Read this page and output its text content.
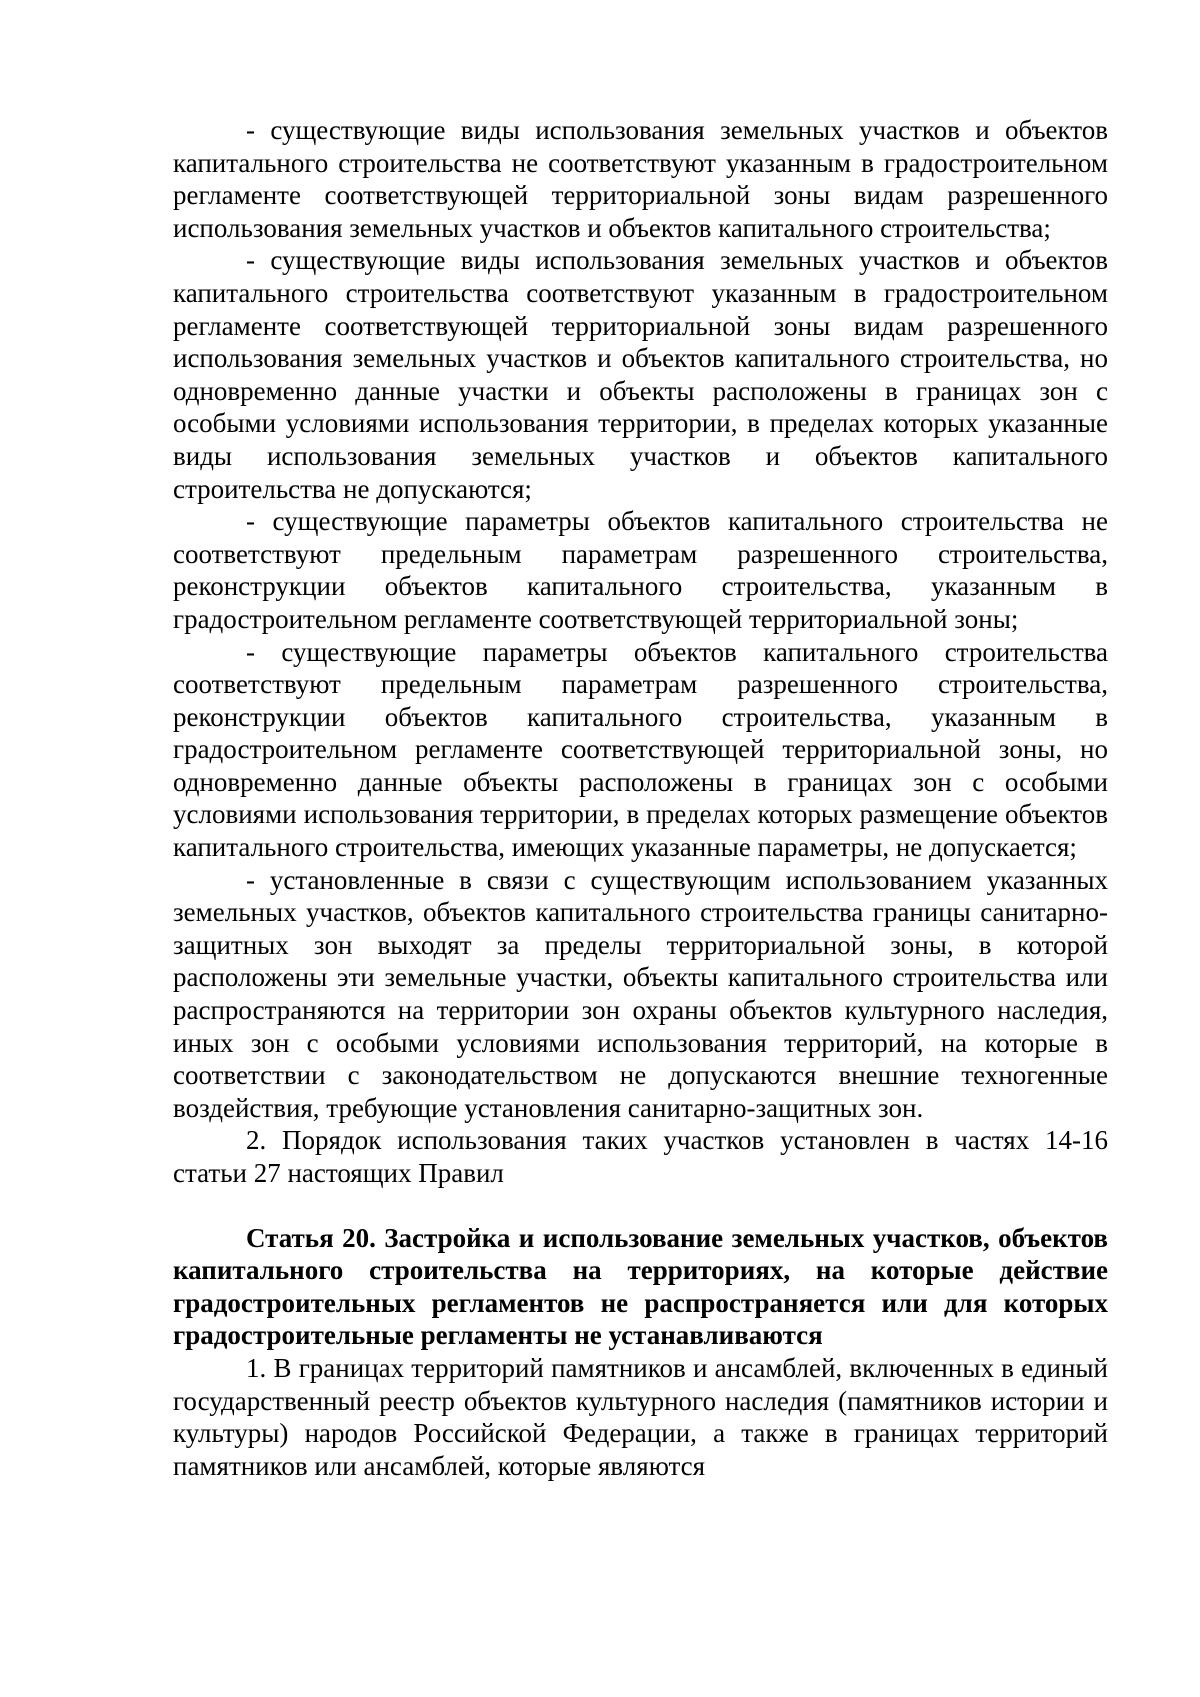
- существующие виды использования земельных участков и объектов капитального строительства не соответствуют указанным в градостроительном регламенте соответствующей территориальной зоны видам разрешенного использования земельных участков и объектов капитального строительства;

- существующие виды использования земельных участков и объектов капитального строительства соответствуют указанным в градостроительном регламенте соответствующей территориальной зоны видам разрешенного использования земельных участков и объектов капитального строительства, но одновременно данные участки и объекты расположены в границах зон с особыми условиями использования территории, в пределах которых указанные виды использования земельных участков и объектов капитального строительства не допускаются;

- существующие параметры объектов капитального строительства не соответствуют предельным параметрам разрешенного строительства, реконструкции объектов капитального строительства, указанным в градостроительном регламенте соответствующей территориальной зоны;

- существующие параметры объектов капитального строительства соответствуют предельным параметрам разрешенного строительства, реконструкции объектов капитального строительства, указанным в градостроительном регламенте соответствующей территориальной зоны, но одновременно данные объекты расположены в границах зон с особыми условиями использования территории, в пределах которых размещение объектов капитального строительства, имеющих указанные параметры, не допускается;

- установленные в связи с существующим использованием указанных земельных участков, объектов капитального строительства границы санитарно-защитных зон выходят за пределы территориальной зоны, в которой расположены эти земельные участки, объекты капитального строительства или распространяются на территории зон охраны объектов культурного наследия, иных зон с особыми условиями использования территорий, на которые в соответствии с законодательством не допускаются внешние техногенные воздействия, требующие установления санитарно-защитных зон.

2. Порядок использования таких участков установлен в частях 14-16 статьи 27 настоящих Правил

Статья 20. Застройка и использование земельных участков, объектов капитального строительства на территориях, на которые действие градостроительных регламентов не распространяется или для которых градостроительные регламенты не устанавливаются

1. В границах территорий памятников и ансамблей, включенных в единый государственный реестр объектов культурного наследия (памятников истории и культуры) народов Российской Федерации, а также в границах территорий памятников или ансамблей, которые являются
